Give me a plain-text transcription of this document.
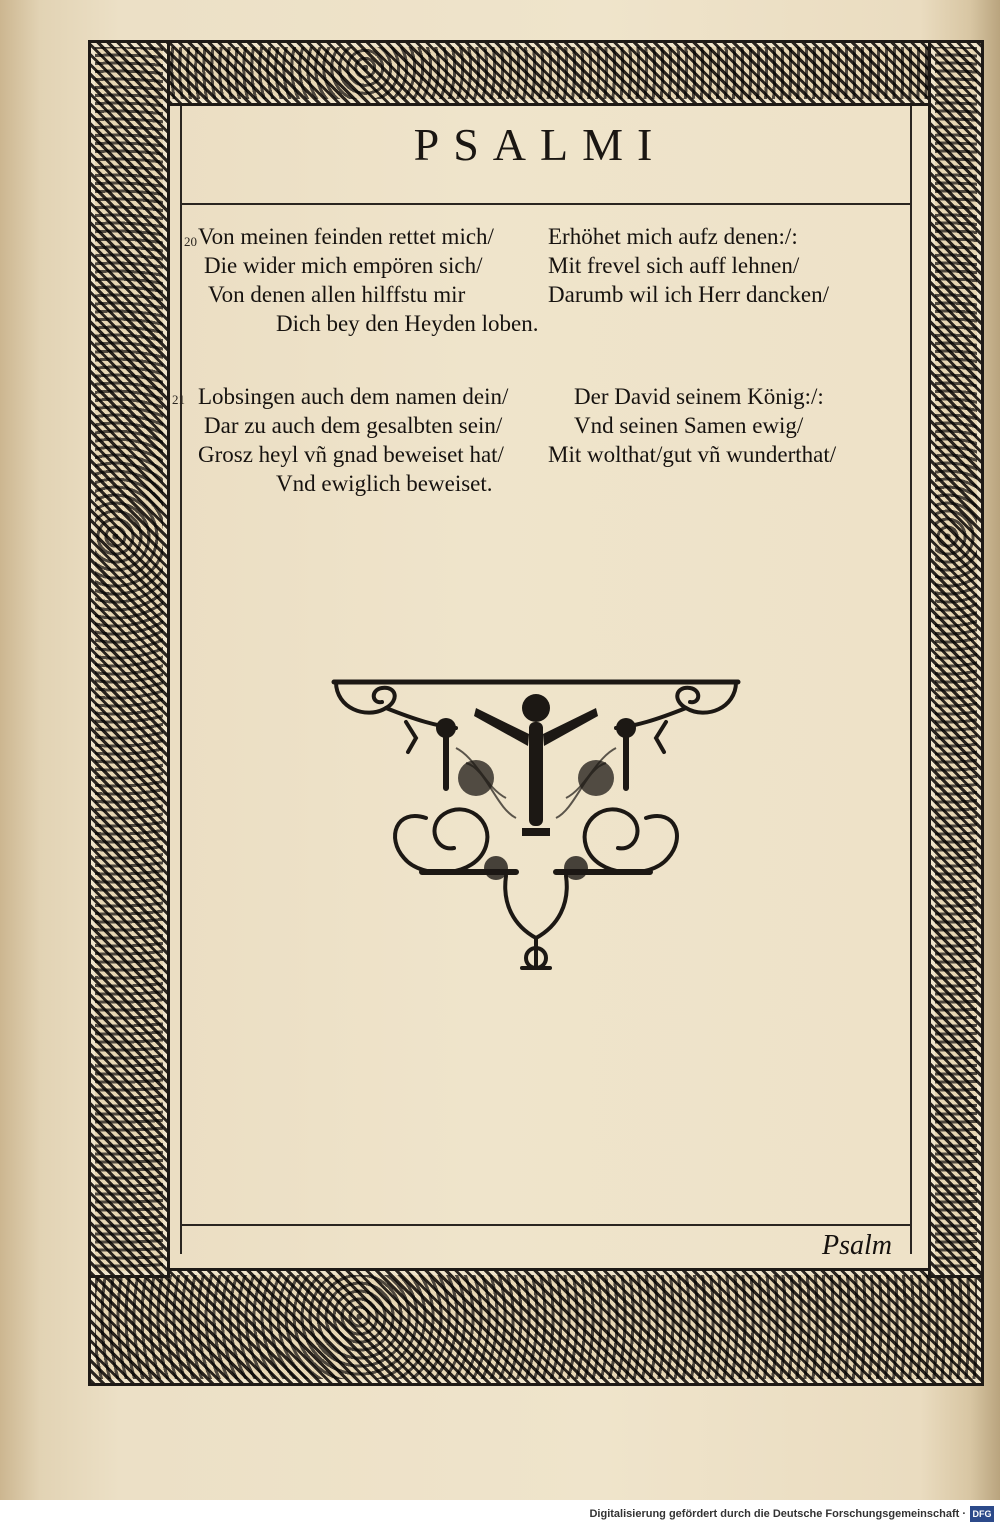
PSALMI
20 Von meinen feinden rettet mich/	Erhöhet mich aufz denen:/:
Die wider mich empören sich/	Mit frevel sich auff lehnen/
Von denen allen hilffstu mir	Darumb wil ich Herr dancken/
Dich bey den Heyden loben.
21 Lobsingen auch dem namen dein/	Der David seinem König:/:
Dar zu auch dem gesalbten sein/	Vnd seinen Samen ewig/
Grosz heyl vñ gnad beweiset hat/	Mit wolthat/gut vñ wunderthat/
Vnd ewiglich beweiset.
Psalm
Digitalisierung gefördert durch die Deutsche Forschungsgemeinschaft · DFG
